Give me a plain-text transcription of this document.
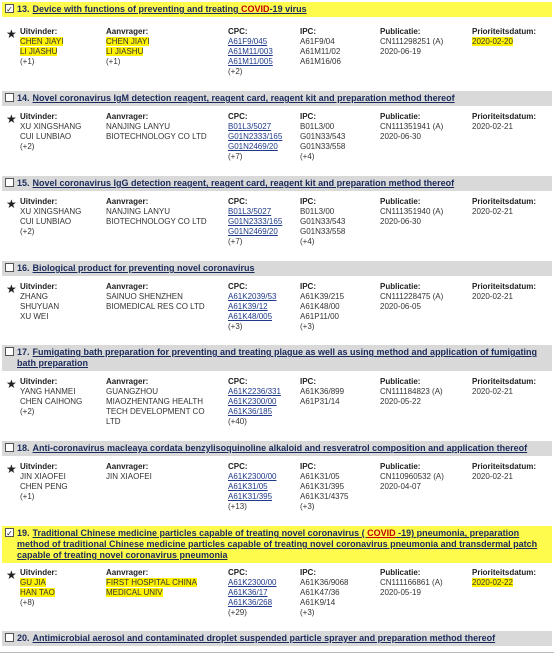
✓ 13. Device with functions of preventing and treating COVID-19 virus
★ Uitvinder:
CHEN JIAYI
LI JIASHU
(+1)
Aanvrager:
CHEN JIAYI
LI JIASHU
(+1)
CPC:
A61F9/045
A61M11/003
A61M11/005
(+2)
IPC:
A61F9/04
A61M11/02
A61M16/06
Publicatie:
CN111298251 (A)
2020-06-19
Prioriteitsdatum:
2020-02-20
14. Novel coronavirus IgM detection reagent, reagent card, reagent kit and preparation method thereof
★ Uitvinder:
XU XINGSHANG
CUI LUNBIAO
(+2)
Aanvrager:
NANJING LANYU
BIOTECHNOLOGY CO LTD
CPC:
B01L3/5027
G01N2333/165
G01N2469/20
(+7)
IPC:
B01L3/00
G01N33/543
G01N33/558
(+4)
Publicatie:
CN111351941 (A)
2020-06-30
Prioriteitsdatum:
2020-02-21
15. Novel coronavirus IgG detection reagent, reagent card, reagent kit and preparation method thereof
★ Uitvinder:
XU XINGSHANG
CUI LUNBIAO
(+2)
Aanvrager:
NANJING LANYU
BIOTECHNOLOGY CO LTD
CPC:
B01L3/5027
G01N2333/165
G01N2469/20
(+7)
IPC:
B01L3/00
G01N33/543
G01N33/558
(+4)
Publicatie:
CN111351940 (A)
2020-06-30
Prioriteitsdatum:
2020-02-21
16. Biological product for preventing novel coronavirus
★ Uitvinder:
ZHANG
SHUYUAN
XU WEI
Aanvrager:
SAINUO SHENZHEN
BIOMEDICAL RES CO LTD
CPC:
A61K2039/53
A61K39/12
A61K48/005
(+3)
IPC:
A61K39/215
A61K48/00
A61P11/00
(+3)
Publicatie:
CN111228475 (A)
2020-06-05
Prioriteitsdatum:
2020-02-21
17. Fumigating bath preparation for preventing and treating plague as well as using method and application of fumigating bath preparation
★ Uitvinder:
YANG HANMEI
CHEN CAIHONG
(+2)
Aanvrager:
GUANGZHOU
MIAOZHENTANG HEALTH
TECH DEVELOPMENT CO
LTD
CPC:
A61K2236/331
A61K2300/00
A61K36/185
(+40)
IPC:
A61K36/899
A61P31/14
Publicatie:
CN111184823 (A)
2020-05-22
Prioriteitsdatum:
2020-02-21
18. Anti-coronavirus macleaya cordata benzylisoquinoline alkaloid and resveratrol composition and application thereof
★ Uitvinder:
JIN XIAOFEI
CHEN PENG
(+1)
Aanvrager:
JIN XIAOFEI
CPC:
A61K2300/00
A61K31/05
A61K31/395
(+13)
IPC:
A61K31/05
A61K31/395
A61K31/4375
(+3)
Publicatie:
CN110960532 (A)
2020-04-07
Prioriteitsdatum:
2020-02-21
✓ 19. Traditional Chinese medicine particles capable of treating novel coronavirus ( COVID -19) pneumonia, preparation method of traditional Chinese medicine particles capable of treating novel coronavirus pneumonia and transdermal patch capable of treating novel coronavirus pneumonia
★ Uitvinder:
GU JIA
HAN TAO
(+8)
Aanvrager:
FIRST HOSPITAL CHINA
MEDICAL UNIV
CPC:
A61K2300/00
A61K36/17
A61K36/268
(+29)
IPC:
A61K36/9068
A61K47/36
A61K9/14
(+3)
Publicatie:
CN111166861 (A)
2020-05-19
Prioriteitsdatum:
2020-02-22
20. Antimicrobial aerosol and contaminated droplet suspended particle sprayer and preparation method thereof
